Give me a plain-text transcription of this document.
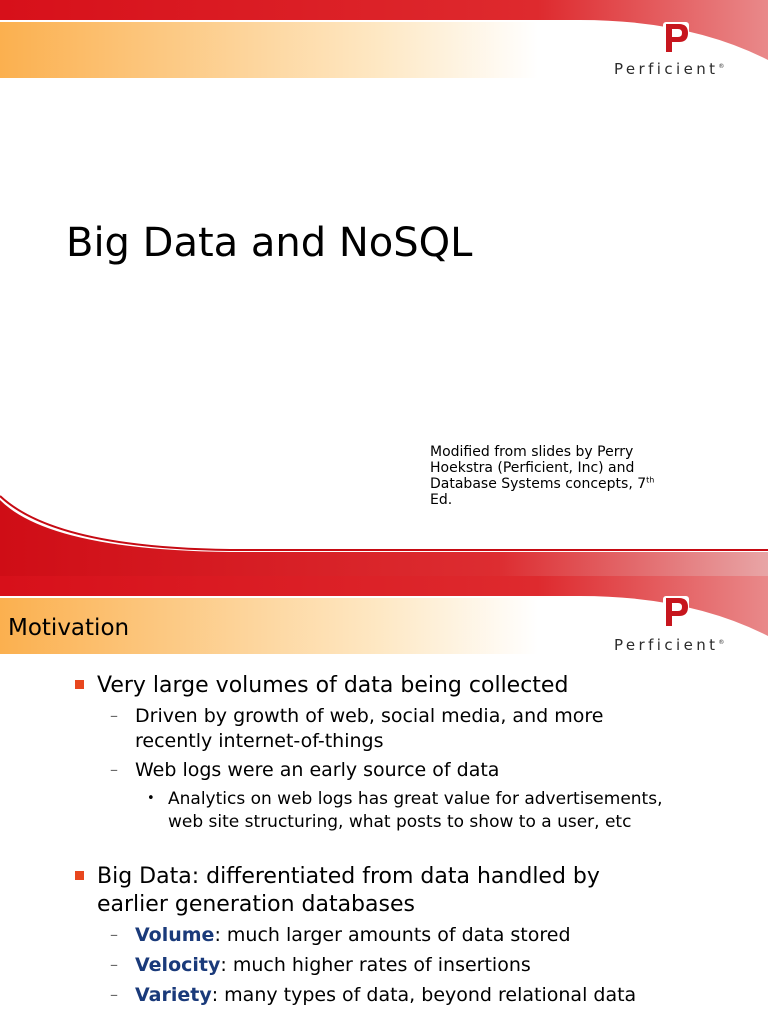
Perficient®
Big Data and NoSQL
Modified from slides by Perry Hoekstra (Perficient, Inc) and Database Systems concepts, 7th Ed.
Perficient®
Motivation
Very large volumes of data being collected
– Driven by growth of web, social media, and more recently internet-of-things
– Web logs were an early source of data
• Analytics on web logs has great value for advertisements, web site structuring, what posts to show to a user, etc
Big Data: differentiated from data handled by earlier generation databases
– Volume: much larger amounts of data stored
– Velocity: much higher rates of insertions
– Variety: many types of data, beyond relational data
